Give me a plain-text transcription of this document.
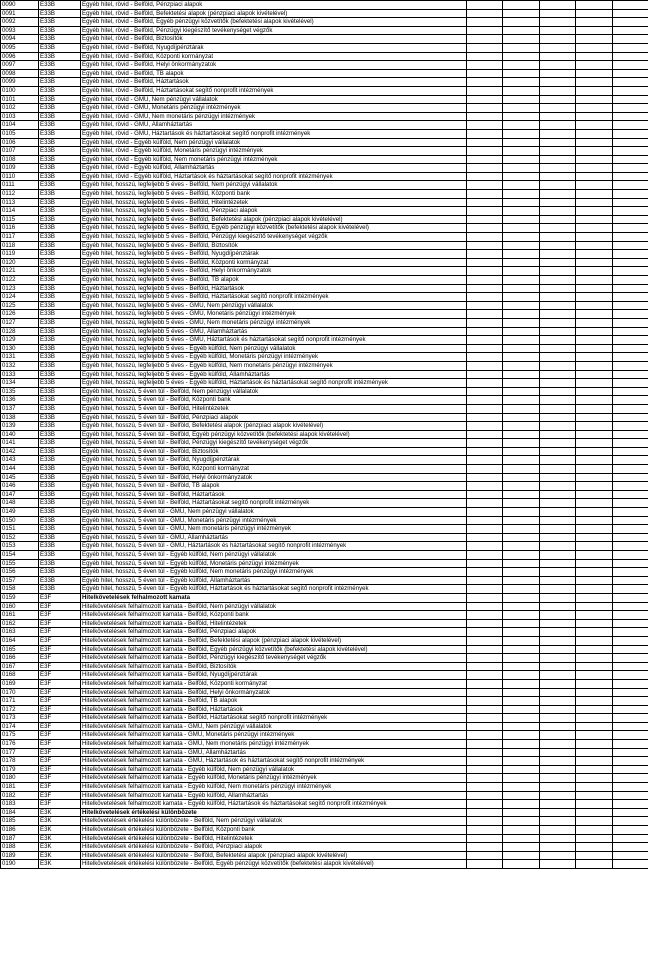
0090	E33B	Egyéb hitel, rövid - Belföld, Pénzpiaci alapok					
0091	E33B	Egyéb hitel, rövid - Belföld, Befektetési alapok (pénzpiaci alapok kivételével)					
0092	E33B	Egyéb hitel, rövid - Belföld, Egyéb pénzügyi közvetítők (befektetési alapok kivételével)					
0093	E33B	Egyéb hitel, rövid - Belföld, Pénzügyi kiegészítő tevékenységet végzők					
0094	E33B	Egyéb hitel, rövid - Belföld, Biztosítók					
0095	E33B	Egyéb hitel, rövid - Belföld, Nyugdíjpénztárak					
0096	E33B	Egyéb hitel, rövid - Belföld, Központi kormányzat					
0097	E33B	Egyéb hitel, rövid - Belföld, Helyi önkormányzatok					
0098	E33B	Egyéb hitel, rövid - Belföld, TB alapok					
0099	E33B	Egyéb hitel, rövid - Belföld, Háztartások					
0100	E33B	Egyéb hitel, rövid - Belföld, Háztartásokat segítő nonprofit intézmények					
0101	E33B	Egyéb hitel, rövid - GMU, Nem pénzügyi vállalatok					
0102	E33B	Egyéb hitel, rövid - GMU, Monetáris pénzügyi intézmények					
0103	E33B	Egyéb hitel, rövid - GMU, Nem monetáris pénzügyi intézmények					
0104	E33B	Egyéb hitel, rövid - GMU, Államháztartás					
0105	E33B	Egyéb hitel, rövid - GMU, Háztartások és háztartásokat segítő nonprofit intézmények					
0106	E33B	Egyéb hitel, rövid - Egyéb külföld, Nem pénzügyi vállalatok					
0107	E33B	Egyéb hitel, rövid - Egyéb külföld, Monetáris pénzügyi intézmények					
0108	E33B	Egyéb hitel, rövid - Egyéb külföld, Nem monetáris pénzügyi intézmények					
0109	E33B	Egyéb hitel, rövid - Egyéb külföld, Államháztartás					
0110	E33B	Egyéb hitel, rövid - Egyéb külföld, Háztartások és háztartásokat segítő nonprofit intézmények					
0111	E33B	Egyéb hitel, hosszú, legfeljebb 5 éves - Belföld, Nem pénzügyi vállalatok					
0112	E33B	Egyéb hitel, hosszú, legfeljebb 5 éves - Belföld, Központi bank					
0113	E33B	Egyéb hitel, hosszú, legfeljebb 5 éves - Belföld, Hitelintézetek					
0114	E33B	Egyéb hitel, hosszú, legfeljebb 5 éves - Belföld, Pénzpiaci alapok					
0115	E33B	Egyéb hitel, hosszú, legfeljebb 5 éves - Belföld, Befektetési alapok (pénzpiaci alapok kivételével)					
0116	E33B	Egyéb hitel, hosszú, legfeljebb 5 éves - Belföld, Egyéb pénzügyi közvetítők (befektetési alapok kivételével)					
0117	E33B	Egyéb hitel, hosszú, legfeljebb 5 éves - Belföld, Pénzügyi kiegészítő tevékenységet végzők					
0118	E33B	Egyéb hitel, hosszú, legfeljebb 5 éves - Belföld, Biztosítók					
0119	E33B	Egyéb hitel, hosszú, legfeljebb 5 éves - Belföld, Nyugdíjpénztárak					
0120	E33B	Egyéb hitel, hosszú, legfeljebb 5 éves - Belföld, Központi kormányzat					
0121	E33B	Egyéb hitel, hosszú, legfeljebb 5 éves - Belföld, Helyi önkormányzatok					
0122	E33B	Egyéb hitel, hosszú, legfeljebb 5 éves - Belföld, TB alapok					
0123	E33B	Egyéb hitel, hosszú, legfeljebb 5 éves - Belföld, Háztartások					
0124	E33B	Egyéb hitel, hosszú, legfeljebb 5 éves - Belföld, Háztartásokat segítő nonprofit intézmények					
0125	E33B	Egyéb hitel, hosszú, legfeljebb 5 éves - GMU, Nem pénzügyi vállalatok					
0126	E33B	Egyéb hitel, hosszú, legfeljebb 5 éves - GMU, Monetáris pénzügyi intézmények					
0127	E33B	Egyéb hitel, hosszú, legfeljebb 5 éves - GMU, Nem monetáris pénzügyi intézmények					
0128	E33B	Egyéb hitel, hosszú, legfeljebb 5 éves - GMU, Államháztartás					
0129	E33B	Egyéb hitel, hosszú, legfeljebb 5 éves - GMU, Háztartások és háztartásokat segítő nonprofit intézmények					
0130	E33B	Egyéb hitel, hosszú, legfeljebb 5 éves - Egyéb külföld, Nem pénzügyi vállalatok					
0131	E33B	Egyéb hitel, hosszú, legfeljebb 5 éves - Egyéb külföld, Monetáris pénzügyi intézmények					
0132	E33B	Egyéb hitel, hosszú, legfeljebb 5 éves - Egyéb külföld, Nem monetáris pénzügyi intézmények					
0133	E33B	Egyéb hitel, hosszú, legfeljebb 5 éves - Egyéb külföld, Államháztartás					
0134	E33B	Egyéb hitel, hosszú, legfeljebb 5 éves - Egyéb külföld, Háztartások és háztartásokat segítő nonprofit intézmények					
0135	E33B	Egyéb hitel, hosszú, 5 éven túl - Belföld, Nem pénzügyi vállalatok					
0136	E33B	Egyéb hitel, hosszú, 5 éven túl - Belföld, Központi bank					
0137	E33B	Egyéb hitel, hosszú, 5 éven túl - Belföld, Hitelintézetek					
0138	E33B	Egyéb hitel, hosszú, 5 éven túl - Belföld, Pénzpiaci alapok					
0139	E33B	Egyéb hitel, hosszú, 5 éven túl - Belföld, Befektetési alapok (pénzpiaci alapok kivételével)					
0140	E33B	Egyéb hitel, hosszú, 5 éven túl - Belföld, Egyéb pénzügyi közvetítők (befektetési alapok kivételével)					
0141	E33B	Egyéb hitel, hosszú, 5 éven túl - Belföld, Pénzügyi kiegészítő tevékenységet végzők					
0142	E33B	Egyéb hitel, hosszú, 5 éven túl - Belföld, Biztosítók					
0143	E33B	Egyéb hitel, hosszú, 5 éven túl - Belföld, Nyugdíjpénztárak					
0144	E33B	Egyéb hitel, hosszú, 5 éven túl - Belföld, Központi kormányzat					
0145	E33B	Egyéb hitel, hosszú, 5 éven túl - Belföld, Helyi önkormányzatok					
0146	E33B	Egyéb hitel, hosszú, 5 éven túl - Belföld, TB alapok					
0147	E33B	Egyéb hitel, hosszú, 5 éven túl - Belföld, Háztartások					
0148	E33B	Egyéb hitel, hosszú, 5 éven túl - Belföld, Háztartásokat segítő nonprofit intézmények					
0149	E33B	Egyéb hitel, hosszú, 5 éven túl - GMU, Nem pénzügyi vállalatok					
0150	E33B	Egyéb hitel, hosszú, 5 éven túl - GMU, Monetáris pénzügyi intézmények					
0151	E33B	Egyéb hitel, hosszú, 5 éven túl - GMU, Nem monetáris pénzügyi intézmények					
0152	E33B	Egyéb hitel, hosszú, 5 éven túl - GMU, Államháztartás					
0153	E33B	Egyéb hitel, hosszú, 5 éven túl - GMU, Háztartások és háztartásokat segítő nonprofit intézmények					
0154	E33B	Egyéb hitel, hosszú, 5 éven túl - Egyéb külföld, Nem pénzügyi vállalatok					
0155	E33B	Egyéb hitel, hosszú, 5 éven túl - Egyéb külföld, Monetáris pénzügyi intézmények					
0156	E33B	Egyéb hitel, hosszú, 5 éven túl - Egyéb külföld, Nem monetáris pénzügyi intézmények					
0157	E33B	Egyéb hitel, hosszú, 5 éven túl - Egyéb külföld, Államháztartás					
0158	E33B	Egyéb hitel, hosszú, 5 éven túl - Egyéb külföld, Háztartások és háztartásokat segítő nonprofit intézmények					
0159	E3F	Hitelkövetelések felhalmozott kamata					
0160	E3F	Hitelkövetelések felhalmozott kamata - Belföld, Nem pénzügyi vállalatok					
0161	E3F	Hitelkövetelések felhalmozott kamata - Belföld, Központi bank					
0162	E3F	Hitelkövetelések felhalmozott kamata - Belföld, Hitelintézetek					
0163	E3F	Hitelkövetelések felhalmozott kamata - Belföld, Pénzpiaci alapok					
0164	E3F	Hitelkövetelések felhalmozott kamata - Belföld, Befektetési alapok (pénzpiaci alapok kivételével)					
0165	E3F	Hitelkövetelések felhalmozott kamata - Belföld, Egyéb pénzügyi közvetítők (befektetési alapok kivételével)					
0166	E3F	Hitelkövetelések felhalmozott kamata - Belföld, Pénzügyi kiegészítő tevékenységet végzők					
0167	E3F	Hitelkövetelések felhalmozott kamata - Belföld, Biztosítók					
0168	E3F	Hitelkövetelések felhalmozott kamata - Belföld, Nyugdíjpénztárak					
0169	E3F	Hitelkövetelések felhalmozott kamata - Belföld, Központi kormányzat					
0170	E3F	Hitelkövetelések felhalmozott kamata - Belföld, Helyi önkormányzatok					
0171	E3F	Hitelkövetelések felhalmozott kamata - Belföld, TB alapok					
0172	E3F	Hitelkövetelések felhalmozott kamata - Belföld, Háztartások					
0173	E3F	Hitelkövetelések felhalmozott kamata - Belföld, Háztartásokat segítő nonprofit intézmények					
0174	E3F	Hitelkövetelések felhalmozott kamata - GMU, Nem pénzügyi vállalatok					
0175	E3F	Hitelkövetelések felhalmozott kamata - GMU, Monetáris pénzügyi intézmények					
0176	E3F	Hitelkövetelések felhalmozott kamata - GMU, Nem monetáris pénzügyi intézmények					
0177	E3F	Hitelkövetelések felhalmozott kamata - GMU, Államháztartás					
0178	E3F	Hitelkövetelések felhalmozott kamata - GMU, Háztartások és háztartásokat segítő nonprofit intézmények					
0179	E3F	Hitelkövetelések felhalmozott kamata - Egyéb külföld, Nem pénzügyi vállalatok					
0180	E3F	Hitelkövetelések felhalmozott kamata - Egyéb külföld, Monetáris pénzügyi intézmények					
0181	E3F	Hitelkövetelések felhalmozott kamata - Egyéb külföld, Nem monetáris pénzügyi intézmények					
0182	E3F	Hitelkövetelések felhalmozott kamata - Egyéb külföld, Államháztartás					
0183	E3F	Hitelkövetelések felhalmozott kamata - Egyéb külföld, Háztartások és háztartásokat segítő nonprofit intézmények					
0184	E3K	Hitelkövetelések értékelési különbözete					
0185	E3K	Hitelkövetelések értékelési különbözete - Belföld, Nem pénzügyi vállalatok					
0186	E3K	Hitelkövetelések értékelési különbözete - Belföld, Központi bank					
0187	E3K	Hitelkövetelések értékelési különbözete - Belföld, Hitelintézetek					
0188	E3K	Hitelkövetelések értékelési különbözete - Belföld, Pénzpiaci alapok					
0189	E3K	Hitelkövetelések értékelési különbözete - Belföld, Befektetési alapok (pénzpiaci alapok kivételével)					
0190	E3K	Hitelkövetelések értékelési különbözete - Belföld, Egyéb pénzügyi közvetítők (befektetési alapok kivételével)					
